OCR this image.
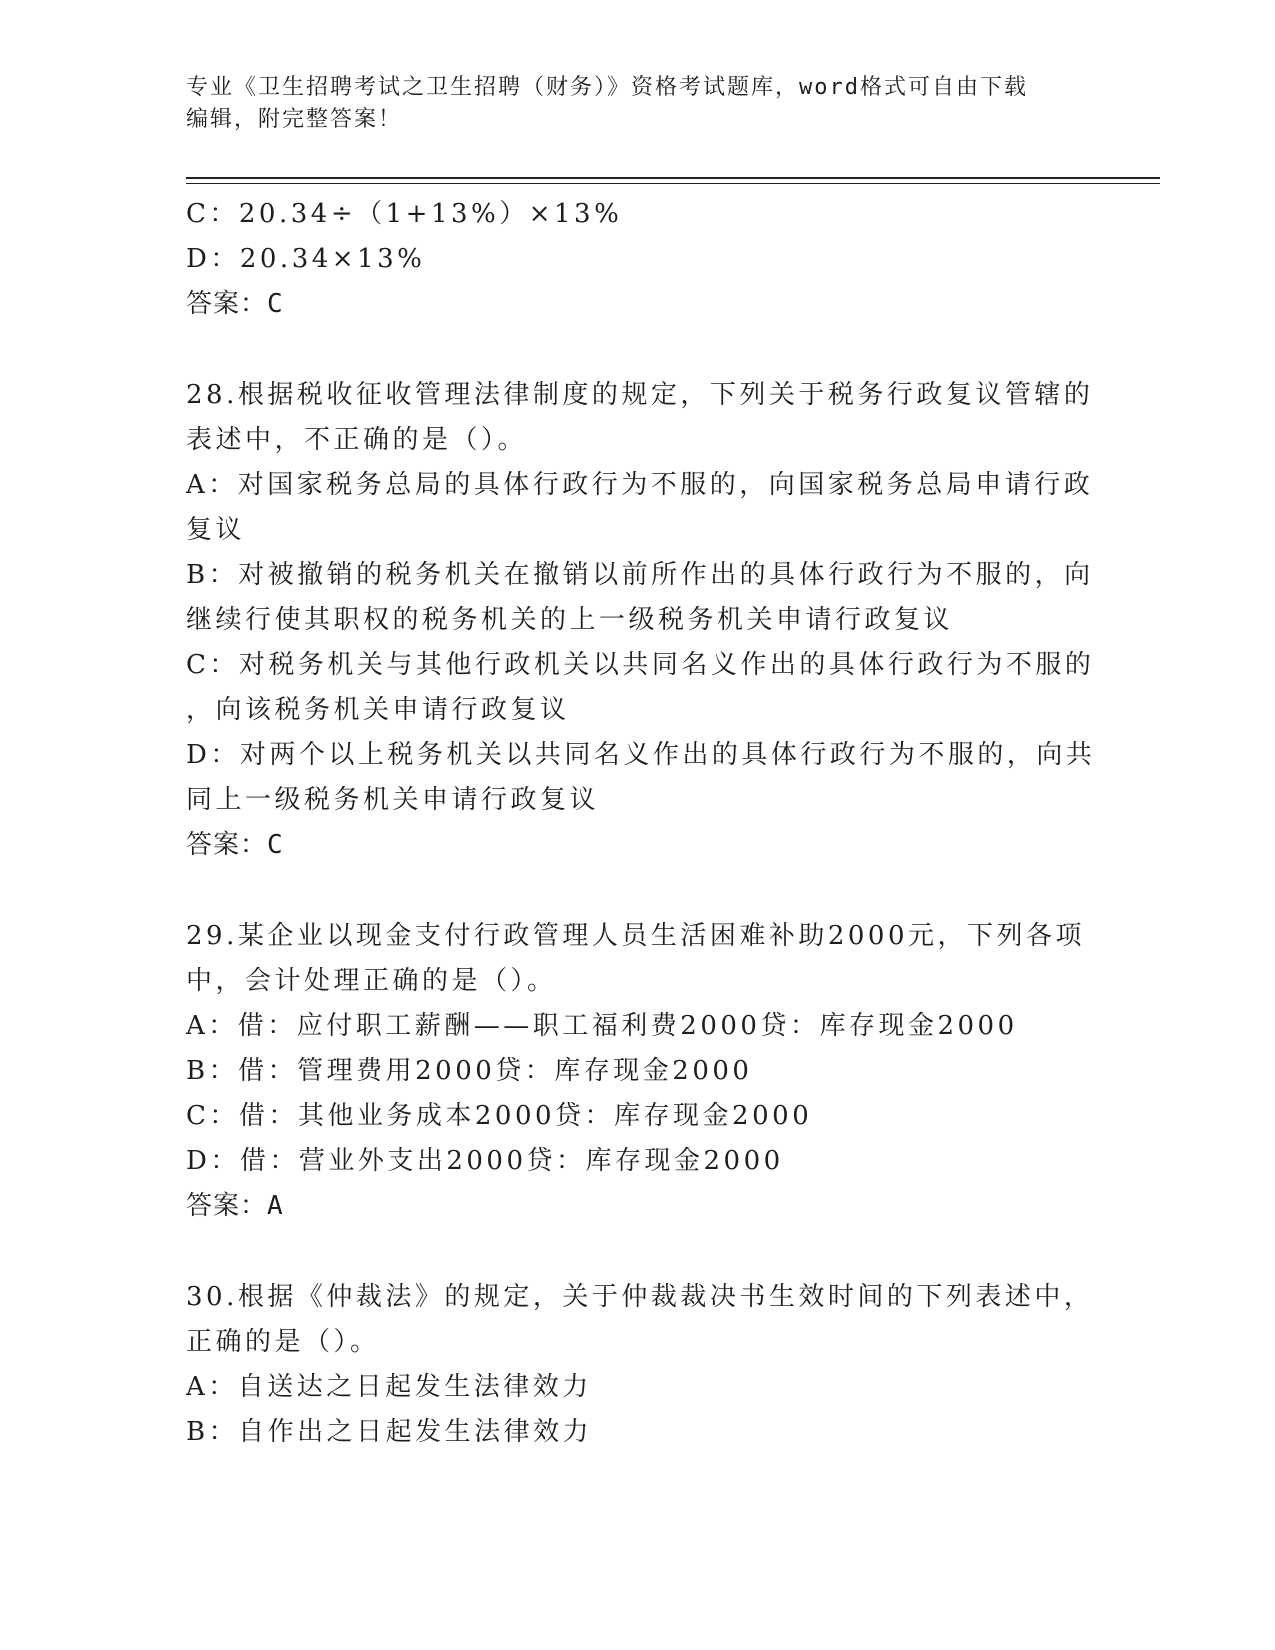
专业《卫生招聘考试之卫生招聘（财务）》资格考试题库，word格式可自由下载
编辑，附完整答案！
C：20.34÷（1+13%）×13%
D：20.34×13%
答案：C
28.根据税收征收管理法律制度的规定，下列关于税务行政复议管辖的
表述中，不正确的是（）。
A：对国家税务总局的具体行政行为不服的，向国家税务总局申请行政
复议
B：对被撤销的税务机关在撤销以前所作出的具体行政行为不服的，向
继续行使其职权的税务机关的上一级税务机关申请行政复议
C：对税务机关与其他行政机关以共同名义作出的具体行政行为不服的
，向该税务机关申请行政复议
D：对两个以上税务机关以共同名义作出的具体行政行为不服的，向共
同上一级税务机关申请行政复议
答案：C
29.某企业以现金支付行政管理人员生活困难补助2000元，下列各项
中，会计处理正确的是（）。
A：借：应付职工薪酬——职工福利费2000贷：库存现金2000
B：借：管理费用2000贷：库存现金2000
C：借：其他业务成本2000贷：库存现金2000
D：借：营业外支出2000贷：库存现金2000
答案：A
30.根据《仲裁法》的规定，关于仲裁裁决书生效时间的下列表述中，
正确的是（）。
A：自送达之日起发生法律效力
B：自作出之日起发生法律效力
